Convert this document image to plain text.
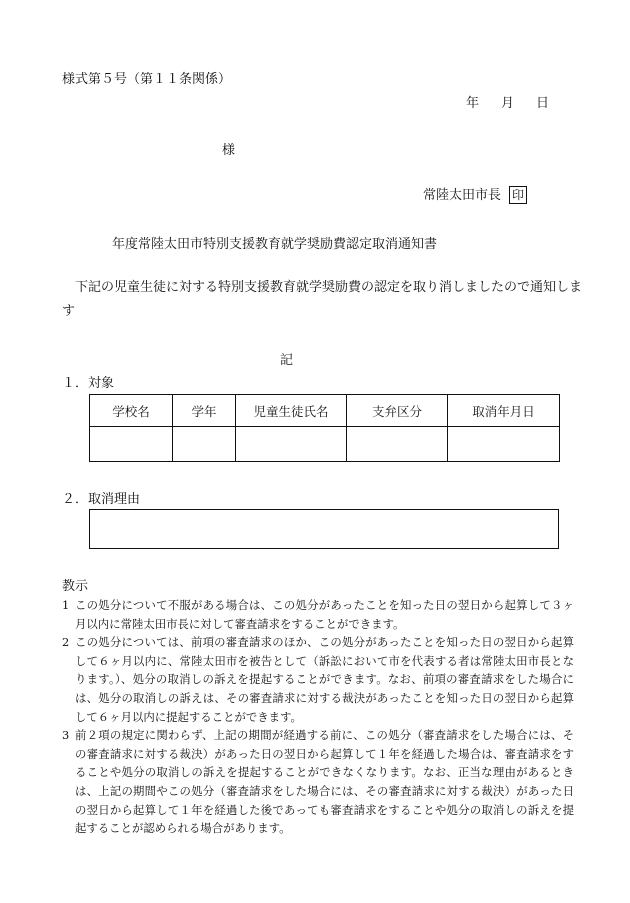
様式第５号（第１１条関係）
年 月 日
様
常陸太田市長 印
年度常陸太田市特別支援教育就学奨励費認定取消通知書
下記の児童生徒に対する特別支援教育就学奨励費の認定を取り消しましたので通知します
記
１．対象
学校名	学年	児童生徒氏名	支弁区分	取消年月日

２．取消理由
教示
1 この処分について不服がある場合は、この処分があったことを知った日の翌日から起算して３ヶ月以内に常陸太田市長に対して審査請求をすることができます。
2 この処分については、前項の審査請求のほか、この処分があったことを知った日の翌日から起算して６ヶ月以内に、常陸太田市を被告として（訴訟において市を代表する者は常陸太田市長となります。）、処分の取消しの訴えを提起することができます。なお、前項の審査請求をした場合には、処分の取消しの訴えは、その審査請求に対する裁決があったことを知った日の翌日から起算して６ヶ月以内に提起することができます。
3 前２項の規定に関わらず、上記の期間が経過する前に、この処分（審査請求をした場合には、その審査請求に対する裁決）があった日の翌日から起算して１年を経過した場合は、審査請求をすることや処分の取消しの訴えを提起することができなくなります。なお、正当な理由があるときは、上記の期間やこの処分（審査請求をした場合には、その審査請求に対する裁決）があった日の翌日から起算して１年を経過した後であっても審査請求をすることや処分の取消しの訴えを提起することが認められる場合があります。
